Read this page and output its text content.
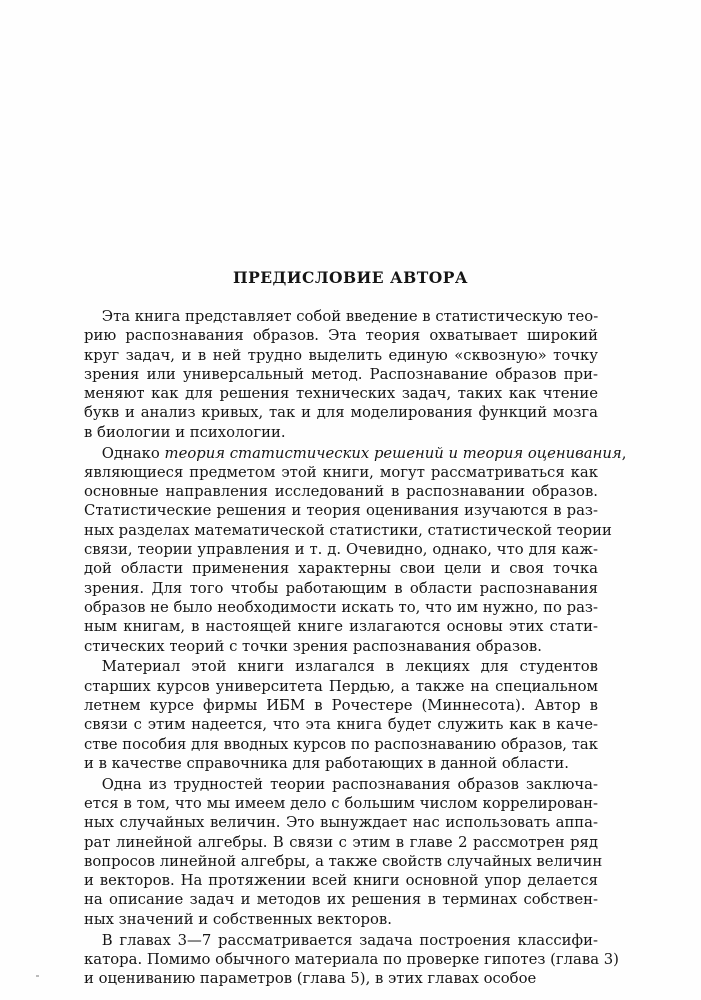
ПРЕДИСЛОВИЕ АВТОРА
Эта книга представляет собой введение в статистическую тео-
рию распознавания образов. Эта теория охватывает широкий
круг задач, и в ней трудно выделить единую «сквозную» точку
зрения или универсальный метод. Распознавание образов при-
меняют как для решения технических задач, таких как чтение
букв и анализ кривых, так и для моделирования функций мозга
в биологии и психологии.
Однако теория статистических решений и теория оценивания,
являющиеся предметом этой книги, могут рассматриваться как
основные направления исследований в распознавании образов.
Статистические решения и теория оценивания изучаются в раз-
ных разделах математической статистики, статистической теории
связи, теории управления и т. д. Очевидно, однако, что для каж-
дой области применения характерны свои цели и своя точка
зрения. Для того чтобы работающим в области распознавания
образов не было необходимости искать то, что им нужно, по раз-
ным книгам, в настоящей книге излагаются основы этих стати-
стических теорий с точки зрения распознавания образов.
Материал этой книги излагался в лекциях для студентов
старших курсов университета Пердью, а также на специальном
летнем курсе фирмы ИБМ в Рочестере (Миннесота). Автор в
связи с этим надеется, что эта книга будет служить как в каче-
стве пособия для вводных курсов по распознаванию образов, так
и в качестве справочника для работающих в данной области.
Одна из трудностей теории распознавания образов заключа-
ется в том, что мы имеем дело с большим числом коррелирован-
ных случайных величин. Это вынуждает нас использовать аппа-
рат линейной алгебры. В связи с этим в главе 2 рассмотрен ряд
вопросов линейной алгебры, а также свойств случайных величин
и векторов. На протяжении всей книги основной упор делается
на описание задач и методов их решения в терминах собствен-
ных значений и собственных векторов.
В главах 3—7 рассматривается задача построения классифи-
катора. Помимо обычного материала по проверке гипотез (глава 3)
и оцениванию параметров (глава 5), в этих главах особое
